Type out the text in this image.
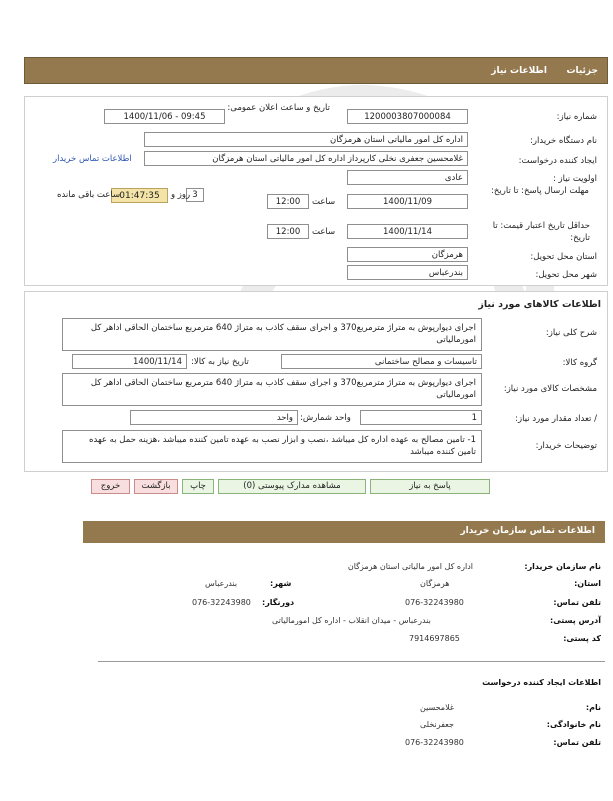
جزئیات
اطلاعات نیاز
شماره نیاز:
1200003807000084
تاریخ و ساعت اعلان عمومی:
1400/11/06 - 09:45
نام دستگاه خریدار:
اداره کل امور مالیاتی استان هرمزگان
ایجاد کننده درخواست:
غلامحسین جعفری نخلی کارپرداز اداره کل امور مالیاتی استان هرمزگان
اطلاعات تماس خریدار
اولویت نیاز :
عادی
مهلت ارسال پاسخ: تا تاریخ:
1400/11/09
ساعت
12:00
3
روز و
01:47:35
ساعت باقی مانده
حداقل تاریخ اعتبار قیمت: تا تاریخ:
1400/11/14
ساعت
12:00
استان محل تحویل:
هرمزگان
شهر محل تحویل:
بندرعباس
اطلاعات کالاهای مورد نیاز
شرح کلی نیاز:
اجرای دیوارپوش به متراژ مترمربع370 و اجرای سقف کاذب به متراژ 640 مترمربع ساختمان الحاقی اداهر کل امورمالیاتی
گروه کالا:
تاسیسات و مصالح ساختمانی
تاریخ نیاز به کالا:
1400/11/14
مشخصات کالای مورد نیاز:
اجرای دیوارپوش به متراژ مترمربع370 و اجرای سقف کاذب به متراژ 640 مترمربع ساختمان الحاقی اداهر کل امورمالیاتی
/ تعداد مقدار مورد نیاز:
1
واحد شمارش:
واحد
توضیحات خریدار:
1- تامین مصالح به عهده اداره کل میباشد ،نصب و ابزار نصب به عهده تامین کننده میباشد ،هزینه حمل به عهده تامین کننده میباشد
پاسخ به نیاز
مشاهده مدارک پیوستی (0)
چاپ
بازگشت
خروج
اطلاعات تماس سازمان خریدار
نام سازمان خریدار:
اداره کل امور مالیاتی استان هرمزگان
استان:
هرمزگان
شهر:
بندرعباس
تلفن تماس:
076-32243980
دورنگار:
076-32243980
آدرس پستی:
بندرعباس - میدان انقلاب - اداره کل امورمالیاتی
کد پستی:
7914697865
اطلاعات ایجاد کننده درخواست
نام:
غلامحسین
نام خانوادگی:
جعفرنخلی
تلفن تماس:
076-32243980
